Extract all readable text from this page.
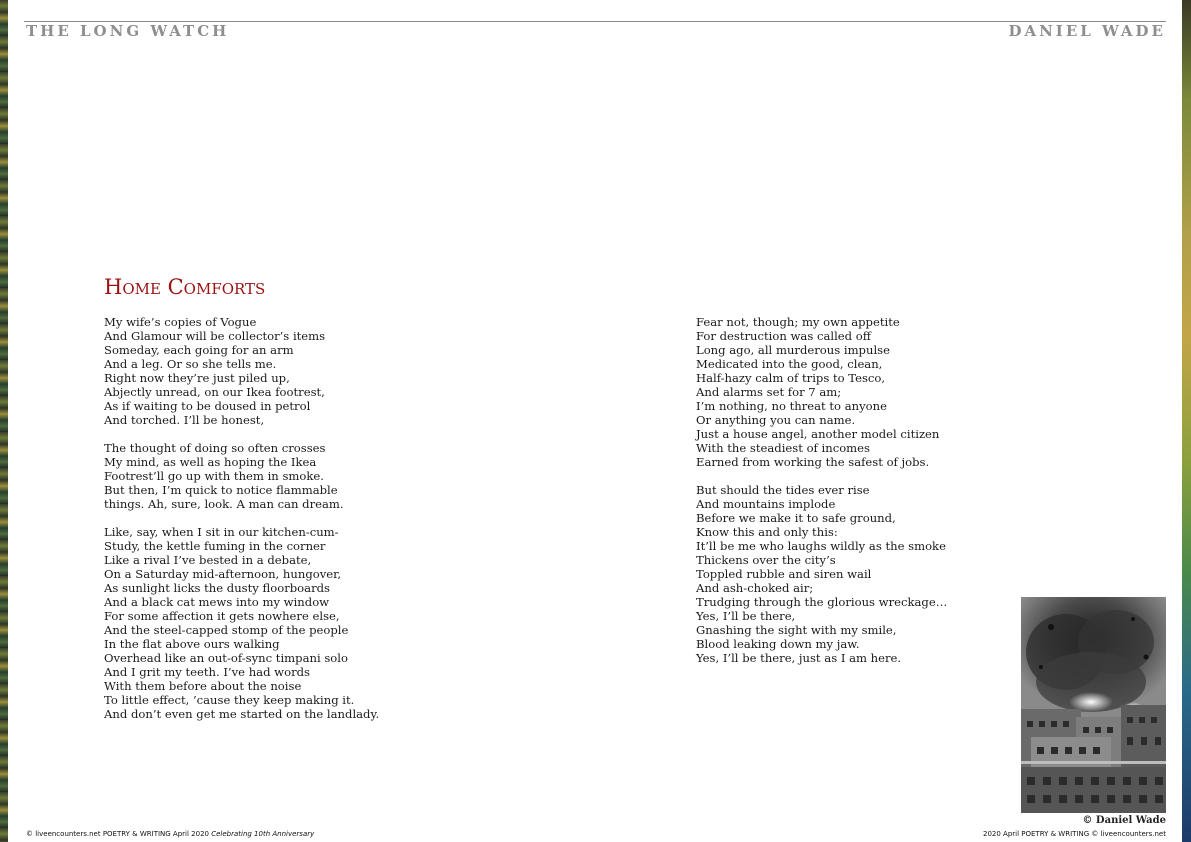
THE LONG WATCH	DANIEL WADE
Home Comforts

My wife’s copies of Vogue
And Glamour will be collector’s items
Someday, each going for an arm
And a leg. Or so she tells me.
Right now they’re just piled up,
Abjectly unread, on our Ikea footrest,
As if waiting to be doused in petrol
And torched. I’ll be honest,

The thought of doing so often crosses
My mind, as well as hoping the Ikea
Footrest’ll go up with them in smoke.
But then, I’m quick to notice flammable
things. Ah, sure, look. A man can dream.

Like, say, when I sit in our kitchen-cum-
Study, the kettle fuming in the corner
Like a rival I’ve bested in a debate,
On a Saturday mid-afternoon, hungover,
As sunlight licks the dusty floorboards
And a black cat mews into my window
For some affection it gets nowhere else,
And the steel-capped stomp of the people
In the flat above ours walking
Overhead like an out-of-sync timpani solo
And I grit my teeth. I’ve had words
With them before about the noise
To little effect, ’cause they keep making it.
And don’t even get me started on the landlady.

Fear not, though; my own appetite
For destruction was called off
Long ago, all murderous impulse
Medicated into the good, clean,
Half-hazy calm of trips to Tesco,
And alarms set for 7 am;
I’m nothing, no threat to anyone
Or anything you can name.
Just a house angel, another model citizen
With the steadiest of incomes
Earned from working the safest of jobs.

But should the tides ever rise
And mountains implode
Before we make it to safe ground,
Know this and only this:
It’ll be me who laughs wildly as the smoke
Thickens over the city’s
Toppled rubble and siren wail
And ash-choked air;
Trudging through the glorious wreckage…
Yes, I’ll be there,
Gnashing the sight with my smile,
Blood leaking down my jaw.
Yes, I’ll be there, just as I am here.

© Daniel Wade
© liveencounters.net POETRY & WRITING April 2020 Celebrating 10th Anniversary	2020 April POETRY & WRITING © liveencounters.net
